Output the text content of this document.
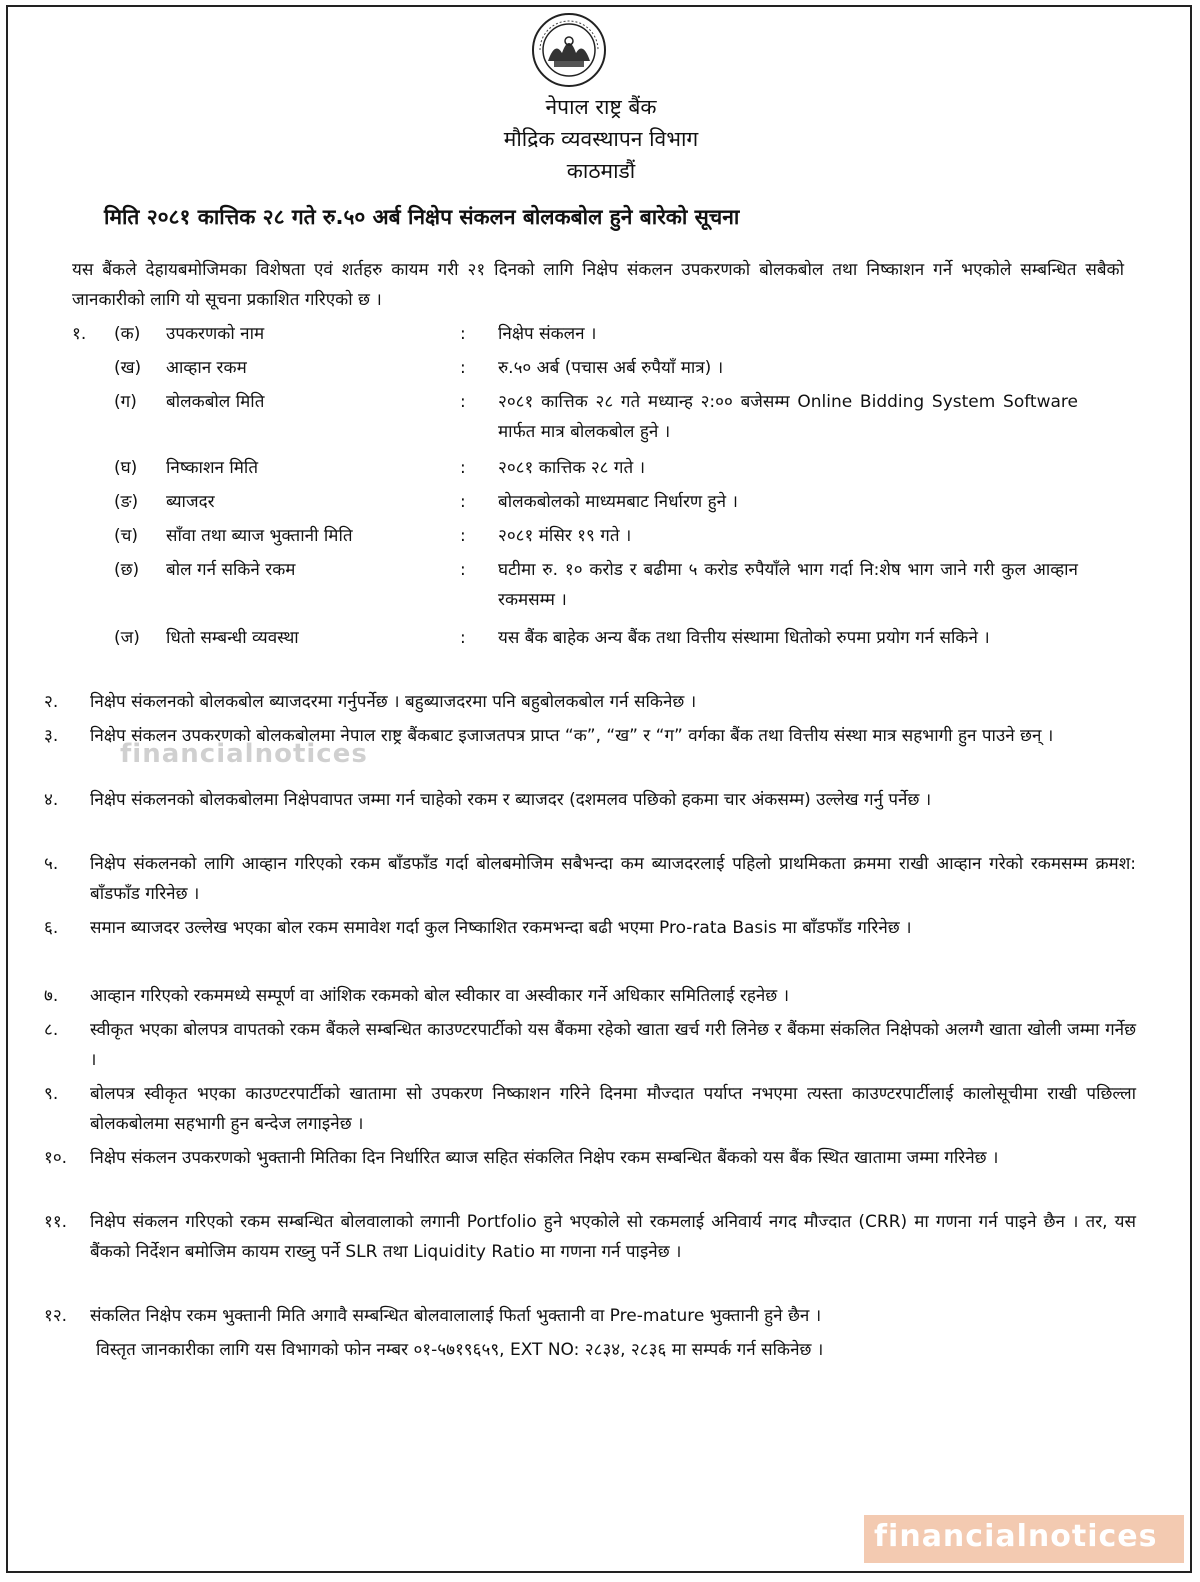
नेपाल राष्ट्र बैंक
मौद्रिक व्यवस्थापन विभाग
काठमाडौं
मिति २०८१ कात्तिक २८ गते रु.५० अर्ब निक्षेप संकलन बोलकबोल हुने बारेको सूचना
यस बैंकले देहायबमोजिमका विशेषता एवं शर्तहरु कायम गरी २१ दिनको लागि निक्षेप संकलन उपकरणको बोलकबोल तथा निष्काशन गर्ने भएकोले सम्बन्धित सबैको जानकारीको लागि यो सूचना प्रकाशित गरिएको छ ।
१. (क) उपकरणको नाम	: निक्षेप संकलन ।
(ख) आव्हान रकम	: रु.५० अर्ब (पचास अर्ब रुपैयाँ मात्र) ।
(ग) बोलकबोल मिति	: २०८१ कात्तिक २८ गते मध्यान्ह २:०० बजेसम्म Online Bidding System Software मार्फत मात्र बोलकबोल हुने ।
(घ) निष्काशन मिति	: २०८१ कात्तिक २८ गते ।
(ङ) ब्याजदर	: बोलकबोलको माध्यमबाट निर्धारण हुने ।
(च) साँवा तथा ब्याज भुक्तानी मिति	: २०८१ मंसिर १९ गते ।
(छ) बोल गर्न सकिने रकम	: घटीमा रु. १० करोड र बढीमा ५ करोड रुपैयाँले भाग गर्दा नि:शेष भाग जाने गरी कुल आव्हान रकमसम्म ।
(ज) धितो सम्बन्धी व्यवस्था	: यस बैंक बाहेक अन्य बैंक तथा वित्तीय संस्थामा धितोको रुपमा प्रयोग गर्न सकिने ।
२. निक्षेप संकलनको बोलकबोल ब्याजदरमा गर्नुपर्नेछ । बहुब्याजदरमा पनि बहुबोलकबोल गर्न सकिनेछ ।
३. निक्षेप संकलन उपकरणको बोलकबोलमा नेपाल राष्ट्र बैंकबाट इजाजतपत्र प्राप्त “क”, “ख” र “ग” वर्गका बैंक तथा वित्तीय संस्था मात्र सहभागी हुन पाउने छन् ।
४. निक्षेप संकलनको बोलकबोलमा निक्षेपवापत जम्मा गर्न चाहेको रकम र ब्याजदर (दशमलव पछिको हकमा चार अंकसम्म) उल्लेख गर्नु पर्नेछ ।
५. निक्षेप संकलनको लागि आव्हान गरिएको रकम बाँडफाँड गर्दा बोलबमोजिम सबैभन्दा कम ब्याजदरलाई पहिलो प्राथमिकता क्रममा राखी आव्हान गरेको रकमसम्म क्रमश: बाँडफाँड गरिनेछ ।
६. समान ब्याजदर उल्लेख भएका बोल रकम समावेश गर्दा कुल निष्काशित रकमभन्दा बढी भएमा Pro-rata Basis मा बाँडफाँड गरिनेछ ।
७. आव्हान गरिएको रकममध्ये सम्पूर्ण वा आंशिक रकमको बोल स्वीकार वा अस्वीकार गर्ने अधिकार समितिलाई रहनेछ ।
८. स्वीकृत भएका बोलपत्र वापतको रकम बैंकले सम्बन्धित काउण्टरपार्टीको यस बैंकमा रहेको खाता खर्च गरी लिनेछ र बैंकमा संकलित निक्षेपको अलग्गै खाता खोली जम्मा गर्नेछ ।
९. बोलपत्र स्वीकृत भएका काउण्टरपार्टीको खातामा सो उपकरण निष्काशन गरिने दिनमा मौज्दात पर्याप्त नभएमा त्यस्ता काउण्टरपार्टीलाई कालोसूचीमा राखी पछिल्ला बोलकबोलमा सहभागी हुन बन्देज लगाइनेछ ।
१०. निक्षेप संकलन उपकरणको भुक्तानी मितिका दिन निर्धारित ब्याज सहित संकलित निक्षेप रकम सम्बन्धित बैंकको यस बैंक स्थित खातामा जम्मा गरिनेछ ।
११. निक्षेप संकलन गरिएको रकम सम्बन्धित बोलवालाको लगानी Portfolio हुने भएकोले सो रकमलाई अनिवार्य नगद मौज्दात (CRR) मा गणना गर्न पाइने छैन । तर, यस बैंकको निर्देशन बमोजिम कायम राख्नु पर्ने SLR तथा Liquidity Ratio मा गणना गर्न पाइनेछ ।
१२. संकलित निक्षेप रकम भुक्तानी मिति अगावै सम्बन्धित बोलवालालाई फिर्ता भुक्तानी वा Pre-mature भुक्तानी हुने छैन ।
विस्तृत जानकारीका लागि यस विभागको फोन नम्बर ०१-५७१९६५९, EXT NO: २८३४, २८३६ मा सम्पर्क गर्न सकिनेछ ।
financialnotices
financialnotices
